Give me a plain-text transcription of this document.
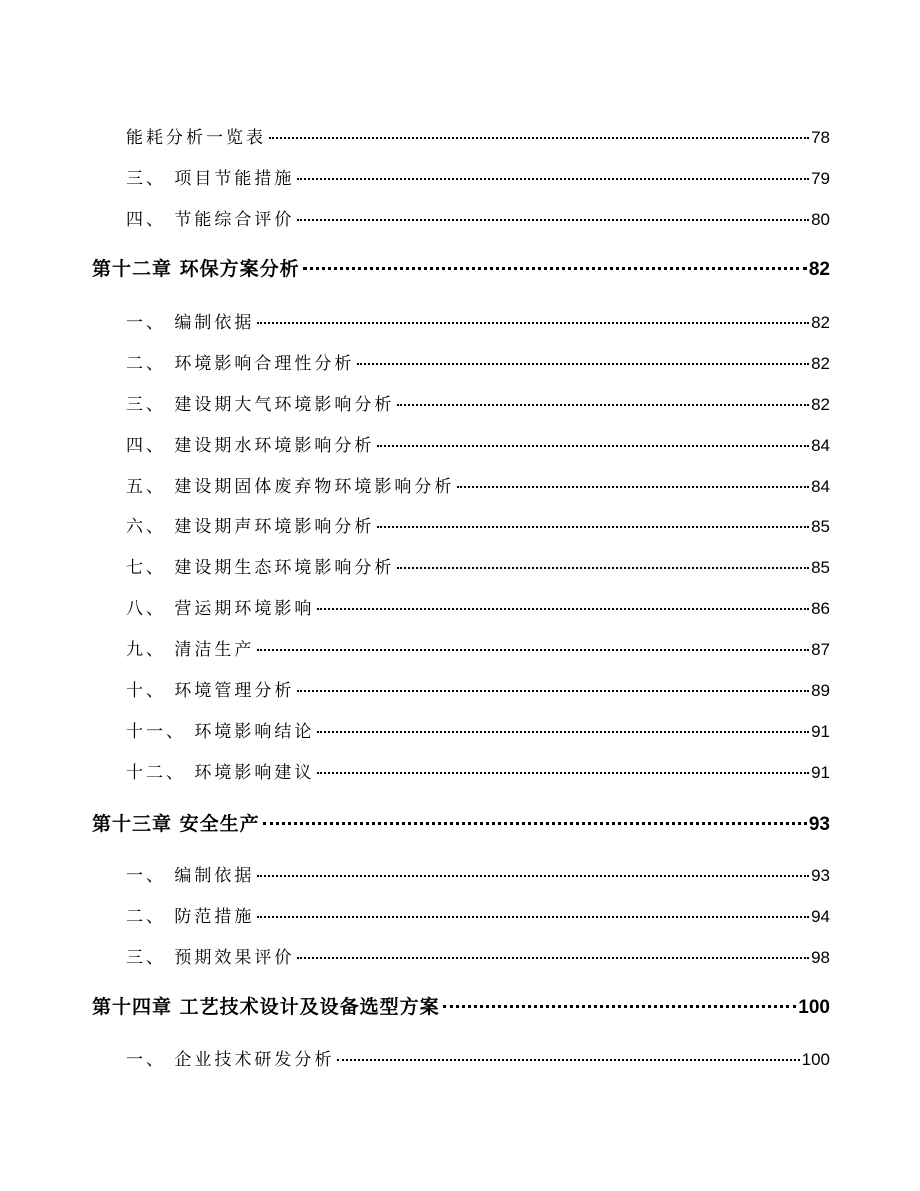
能耗分析一览表	78
三、 项目节能措施	79
四、 节能综合评价	80
第十二章 环保方案分析	82
一、 编制依据	82
二、 环境影响合理性分析	82
三、 建设期大气环境影响分析	82
四、 建设期水环境影响分析	84
五、 建设期固体废弃物环境影响分析	84
六、 建设期声环境影响分析	85
七、 建设期生态环境影响分析	85
八、 营运期环境影响	86
九、 清洁生产	87
十、 环境管理分析	89
十一、 环境影响结论	91
十二、 环境影响建议	91
第十三章 安全生产	93
一、 编制依据	93
二、 防范措施	94
三、 预期效果评价	98
第十四章 工艺技术设计及设备选型方案	100
一、 企业技术研发分析	100
